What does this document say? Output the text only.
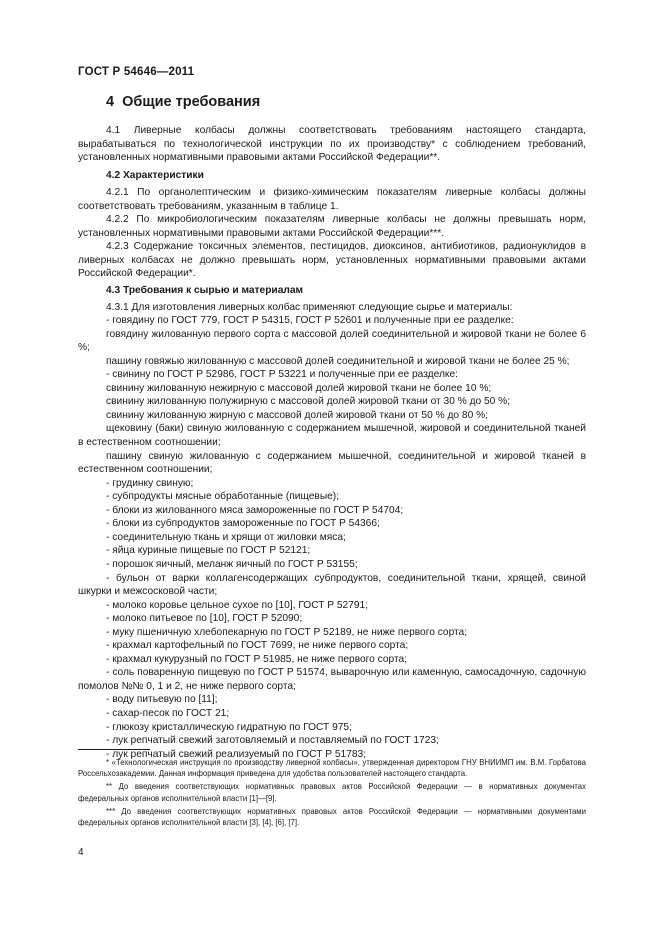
ГОСТ Р 54646—2011
4 Общие требования

4.1 Ливерные колбасы должны соответствовать требованиям настоящего стандарта, вырабатываться по технологической инструкции по их производству* с соблюдением требований, установленных нормативными правовыми актами Российской Федерации**.

4.2 Характеристики

4.2.1 По органолептическим и физико-химическим показателям ливерные колбасы должны соответствовать требованиям, указанным в таблице 1.

4.2.2 По микробиологическим показателям ливерные колбасы не должны превышать норм, установленных нормативными правовыми актами Российской Федерации***.

4.2.3 Содержание токсичных элементов, пестицидов, диоксинов, антибиотиков, радионуклидов в ливерных колбасах не должно превышать норм, установленных нормативными правовыми актами Российской Федерации*.

4.3 Требования к сырью и материалам

4.3.1 Для изготовления ливерных колбас применяют следующие сырье и материалы:

- говядину по ГОСТ 779, ГОСТ Р 54315, ГОСТ Р 52601 и полученные при ее разделке:

говядину жилованную первого сорта с массовой долей соединительной и жировой ткани не более 6 %;

пашину говяжью жилованную с массовой долей соединительной и жировой ткани не более 25 %;

- свинину по ГОСТ Р 52986, ГОСТ Р 53221 и полученные при ее разделке:

свинину жилованную нежирную с массовой долей жировой ткани не более 10 %;

свинину жилованную полужирную с массовой долей жировой ткани от 30 % до 50 %;

свинину жилованную жирную с массовой долей жировой ткани от 50 % до 80 %;

щековину (баки) свиную жилованную с содержанием мышечной, жировой и соединительной тканей в естественном соотношении;

пашину свиную жилованную с содержанием мышечной, соединительной и жировой тканей в естественном соотношении;

- грудинку свиную;

- субпродукты мясные обработанные (пищевые);

- блоки из жилованного мяса замороженные по ГОСТ Р 54704;

- блоки из субпродуктов замороженные по ГОСТ Р 54366;

- соединительную ткань и хрящи от жиловки мяса;

- яйца куриные пищевые по ГОСТ Р 52121;

- порошок яичный, меланж яичный по ГОСТ Р 53155;

- бульон от варки коллагенсодержащих субпродуктов, соединительной ткани, хрящей, свиной шкурки и межсосковой части;

- молоко коровье цельное сухое по [10], ГОСТ Р 52791;

- молоко питьевое по [10], ГОСТ Р 52090;

- муку пшеничную хлебопекарную по ГОСТ Р 52189, не ниже первого сорта;

- крахмал картофельный по ГОСТ 7699, не ниже первого сорта;

- крахмал кукурузный по ГОСТ Р 51985, не ниже первого сорта;

- соль поваренную пищевую по ГОСТ Р 51574, выварочную или каменную, самосадочную, садочную помолов №№ 0, 1 и 2, не ниже первого сорта;

- воду питьевую по [11];

- сахар-песок по ГОСТ 21;

- глюкозу кристаллическую гидратную по ГОСТ 975;

- лук репчатый свежий заготовляемый и поставляемый по ГОСТ 1723;

- лук репчатый свежий реализуемый по ГОСТ Р 51783;

* «Технологическая инструкция по производству ливерной колбасы», утвержденная директором ГНУ ВНИИМП им. В.М. Горбатова Россельхозакадемии. Данная информация приведена для удобства пользователей настоящего стандарта.

** До введения соответствующих нормативных правовых актов Российской Федерации — в нормативных документах федеральных органов исполнительной власти [1]—[9].

*** До введения соответствующих нормативных правовых актов Российской Федерации — нормативными документами федеральных органов исполнительной власти [3], [4], [6], [7].

4
